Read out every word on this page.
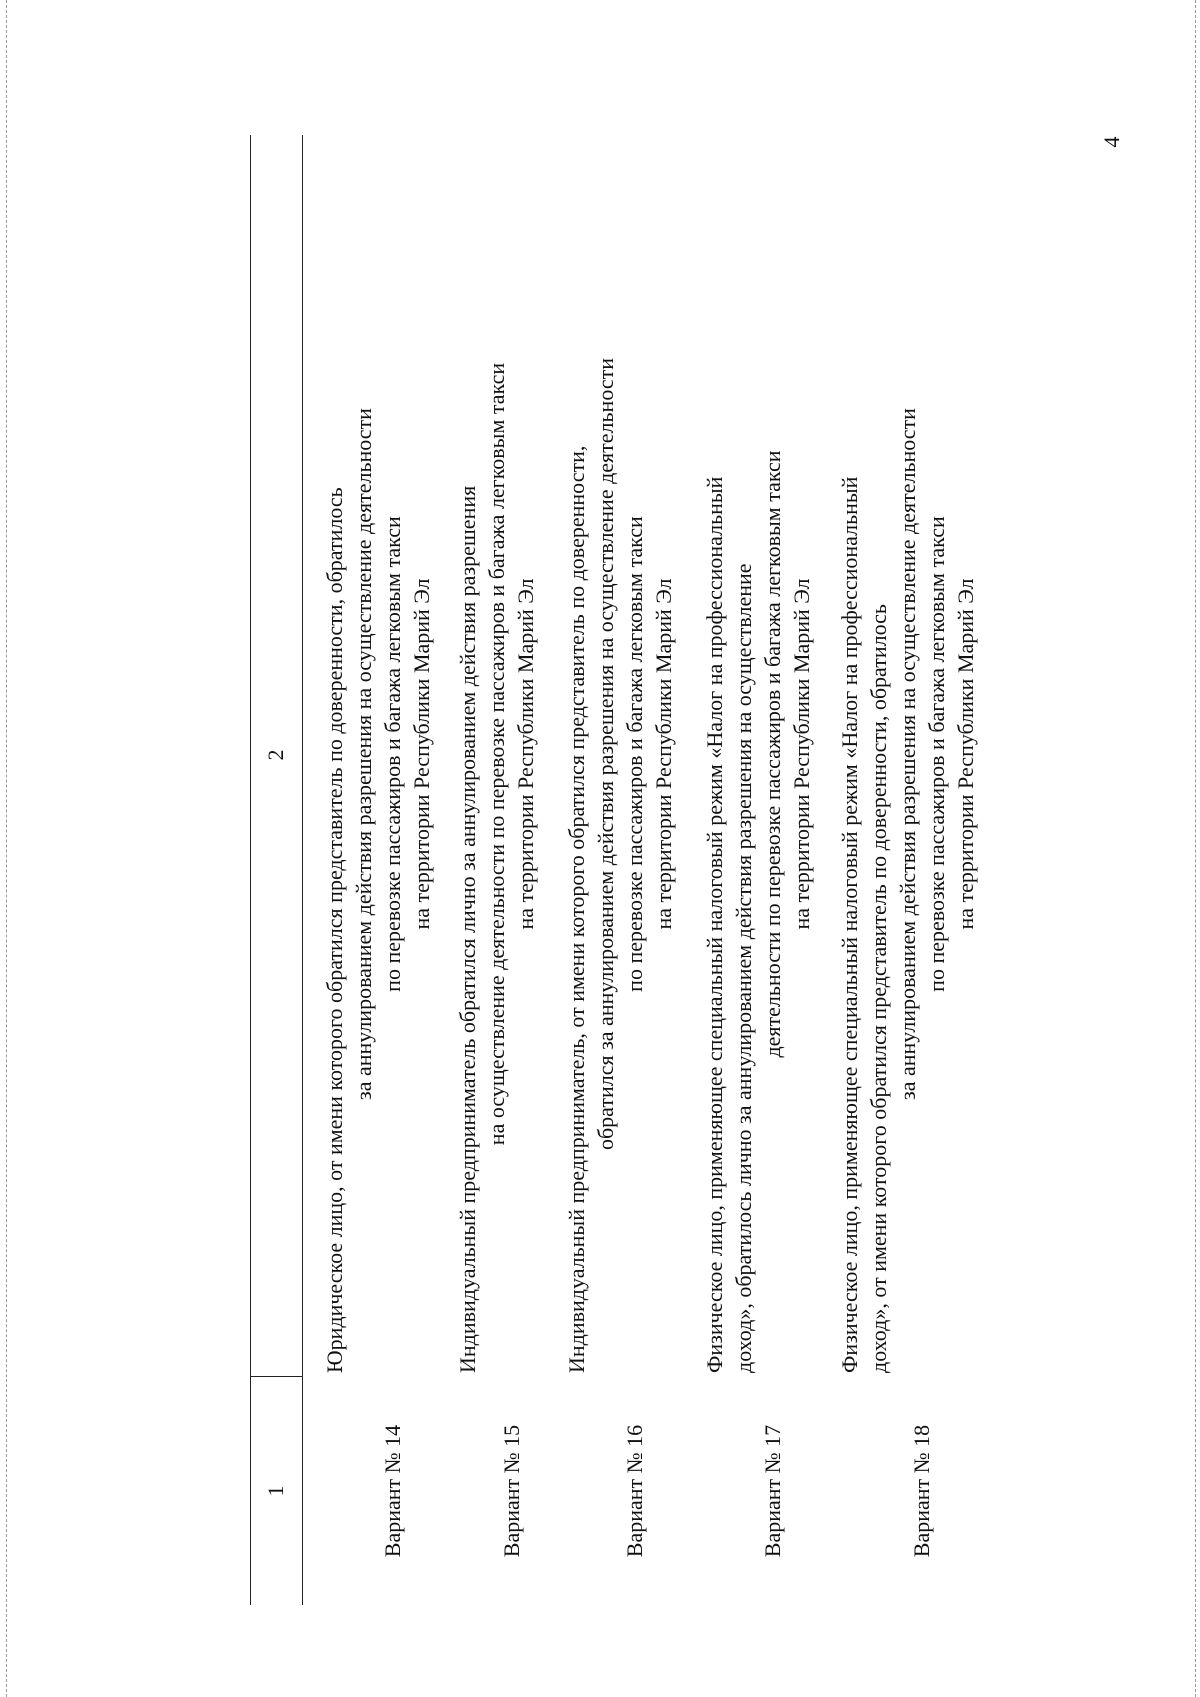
4
1
2
Вариант № 14
Юридическое лицо, от имени которого обратился представитель по доверенности, обратилось за аннулированием действия разрешения на осуществление деятельности по перевозке пассажиров и багажа легковым такси на территории Республики Марий Эл
Вариант № 15
Индивидуальный предприниматель обратился лично за аннулированием действия разрешения на осуществление деятельности по перевозке пассажиров и багажа легковым такси на территории Республики Марий Эл
Вариант № 16
Индивидуальный предприниматель, от имени которого обратился представитель по доверенности, обратился за аннулированием действия разрешения на осуществление деятельности по перевозке пассажиров и багажа легковым такси на территории Республики Марий Эл
Вариант № 17
Физическое лицо, применяющее специальный налоговый режим «Налог на профессиональный доход», обратилось лично за аннулированием действия разрешения на осуществление деятельности по перевозке пассажиров и багажа легковым такси на территории Республики Марий Эл
Вариант № 18
Физическое лицо, применяющее специальный налоговый режим «Налог на профессиональный доход», от имени которого обратился представитель по доверенности, обратилось за аннулированием действия разрешения на осуществление деятельности по перевозке пассажиров и багажа легковым такси на территории Республики Марий Эл
